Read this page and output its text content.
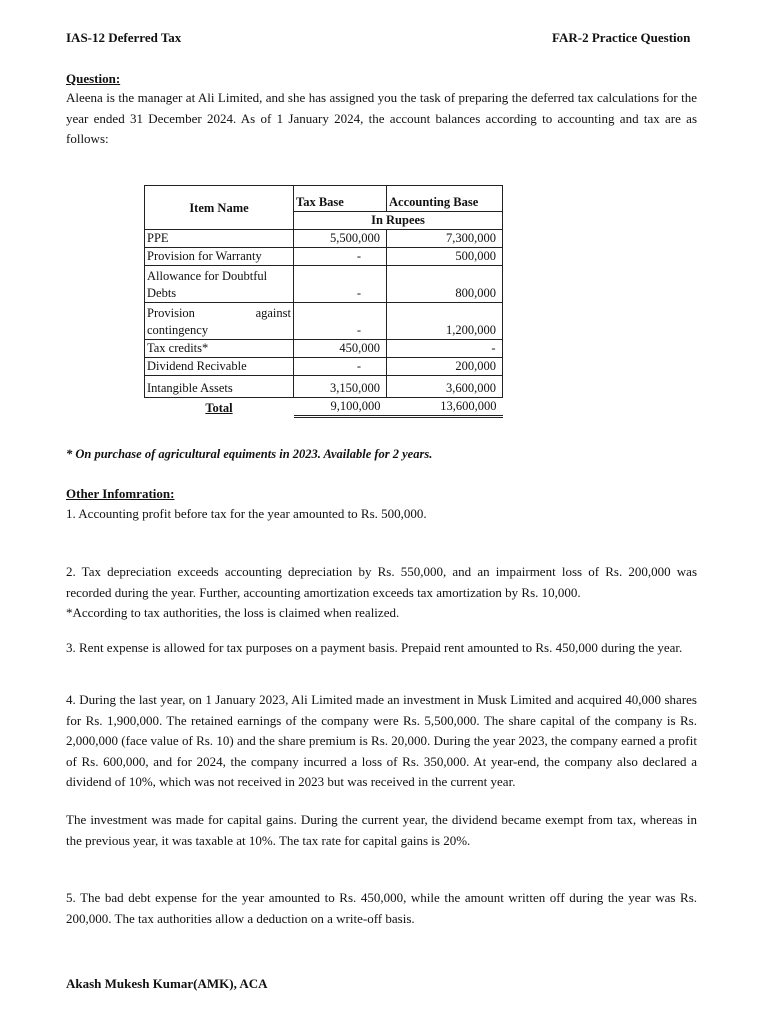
IAS-12 Deferred Tax	FAR-2 Practice Question
Question:
Aleena is the manager at Ali Limited, and she has assigned you the task of preparing the deferred tax calculations for the year ended 31 December 2024. As of 1 January 2024, the account balances according to accounting and tax are as follows:
Item Name	Tax Base	Accounting Base
	In Rupees	
PPE	5,500,000	7,300,000
Provision for Warranty	-	500,000

Allowance for Doubtful
Debts	-	800,000

Provision against
contingency	-	1,200,000
Tax credits*	450,000	-
Dividend Recivable	-	200,000
Intangible Assets	3,150,000	3,600,000
Total	9,100,000	13,600,000
* On purchase of agricultural equiments in 2023. Available for 2 years.
Other Infomration:
1. Accounting profit before tax for the year amounted to Rs. 500,000.
2. Tax depreciation exceeds accounting depreciation by Rs. 550,000, and an impairment loss of Rs. 200,000 was recorded during the year. Further, accounting amortization exceeds tax amortization by Rs. 10,000.
*According to tax authorities, the loss is claimed when realized.
3. Rent expense is allowed for tax purposes on a payment basis. Prepaid rent amounted to Rs. 450,000 during the year.
4. During the last year, on 1 January 2023, Ali Limited made an investment in Musk Limited and acquired 40,000 shares for Rs. 1,900,000. The retained earnings of the company were Rs. 5,500,000. The share capital of the company is Rs. 2,000,000 (face value of Rs. 10) and the share premium is Rs. 20,000. During the year 2023, the company earned a profit of Rs. 600,000, and for 2024, the company incurred a loss of Rs. 350,000. At year-end, the company also declared a dividend of 10%, which was not received in 2023 but was received in the current year.
The investment was made for capital gains. During the current year, the dividend became exempt from tax, whereas in the previous year, it was taxable at 10%. The tax rate for capital gains is 20%.
5. The bad debt expense for the year amounted to Rs. 450,000, while the amount written off during the year was Rs. 200,000. The tax authorities allow a deduction on a write-off basis.
Akash Mukesh Kumar(AMK), ACA
